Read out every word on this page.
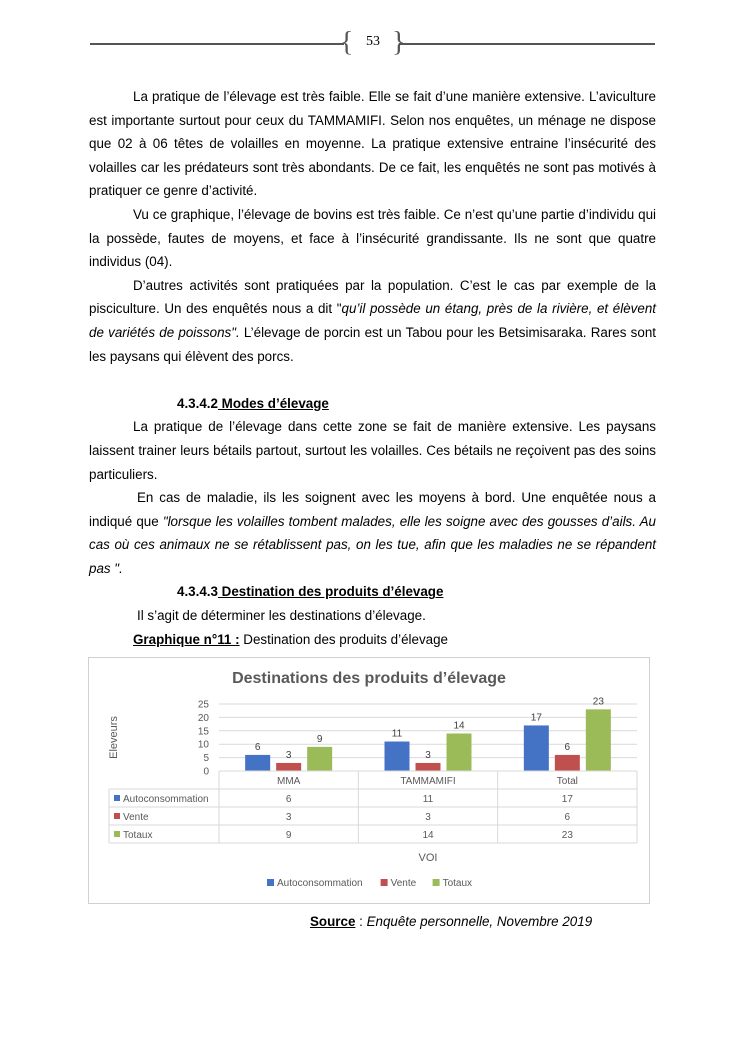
{ }
53

La pratique de l’élevage est très faible. Elle se fait d’une manière extensive. L’aviculture est importante surtout pour ceux du TAMMAMIFI. Selon nos enquêtes, un ménage ne dispose que 02 à 06 têtes de volailles en moyenne. La pratique extensive entraine l’insécurité des volailles car les prédateurs sont très abondants. De ce fait, les enquêtés ne sont pas motivés à pratiquer ce genre d’activité.

Vu ce graphique, l’élevage de bovins est très faible. Ce n’est qu’une partie d’individu qui la possède, fautes de moyens, et face à l’insécurité grandissante. Ils ne sont que quatre individus (04).

D’autres activités sont pratiquées par la population. C’est le cas par exemple de la pisciculture. Un des enquêtés nous a dit "qu’il possède un étang, près de la rivière, et élèvent de variétés de poissons". L’élevage de porcin est un Tabou pour les Betsimisaraka. Rares sont les paysans qui élèvent des porcs.

4.3.4.2 Modes d’élevage

La pratique de l’élevage dans cette zone se fait de manière extensive. Les paysans laissent trainer leurs bétails partout, surtout les volailles. Ces bétails ne reçoivent pas des soins particuliers.

En cas de maladie, ils les soignent avec les moyens à bord. Une enquêtée nous a indiqué que "lorsque les volailles tombent malades, elle les soigne avec des gousses d’ails. Au cas où ces animaux ne se rétablissent pas, on les tue, afin que les maladies ne se répandent pas ".

4.3.4.3 Destination des produits d’élevage

Il s’agit de déterminer les destinations d’élevage.

Graphique n°11 : Destination des produits d’élevage

Destinations des produits d’élevage
Eleveurs
0
5
10
15
20
25
6
11
17
3	3
6
9
14
23
MMA	TAMMAMIFI	Total
Autoconsommation	6	11	17
Vente	3	3	6
Totaux	9	14	23
VOI
Autoconsommation	Vente	Totaux
Source : Enquête personnelle, Novembre 2019
